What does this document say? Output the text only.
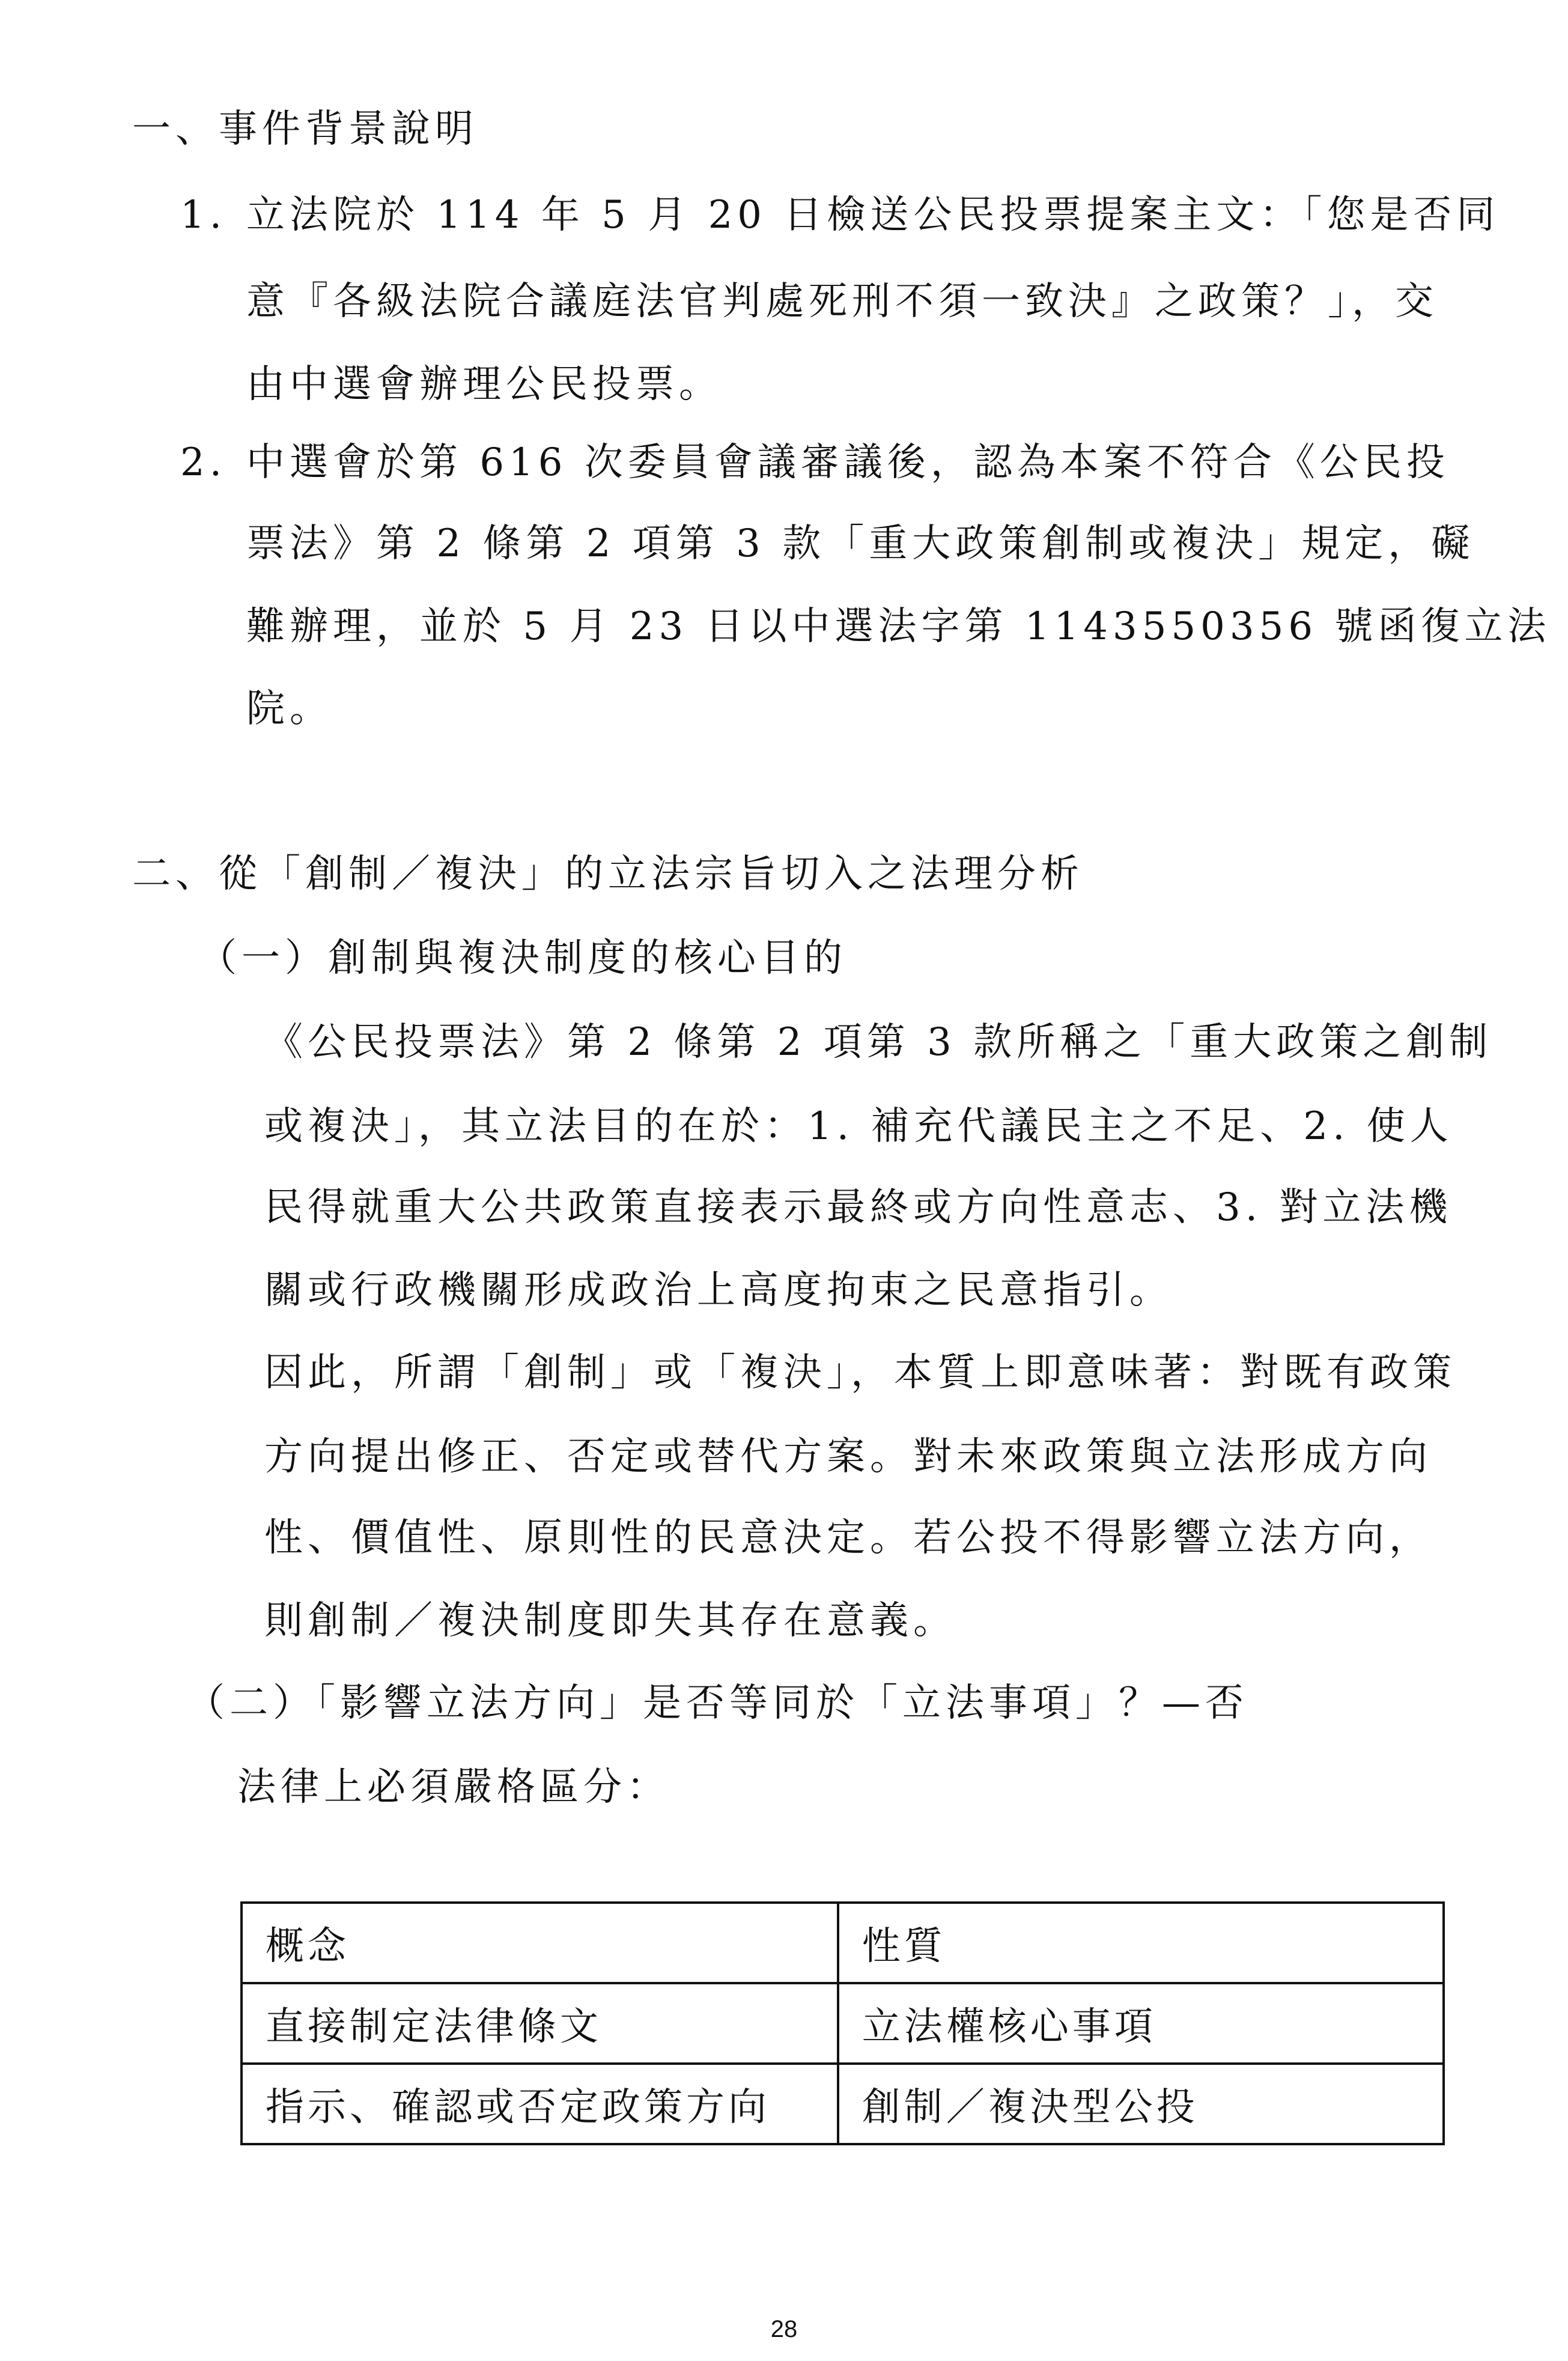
一、事件背景說明
1. 立法院於 114 年 5 月 20 日檢送公民投票提案主文：「您是否同
意『各級法院合議庭法官判處死刑不須一致決』之政策？」，交
由中選會辦理公民投票。
2. 中選會於第 616 次委員會議審議後，認為本案不符合《公民投
票法》第 2 條第 2 項第 3 款「重大政策創制或複決」規定，礙
難辦理，並於 5 月 23 日以中選法字第 1143550356 號函復立法
院。
二、從「創制／複決」的立法宗旨切入之法理分析
（一）創制與複決制度的核心目的
《公民投票法》第 2 條第 2 項第 3 款所稱之「重大政策之創制
或複決」，其立法目的在於：1. 補充代議民主之不足、2. 使人
民得就重大公共政策直接表示最終或方向性意志、3. 對立法機
關或行政機關形成政治上高度拘束之民意指引。
因此，所謂「創制」或「複決」，本質上即意味著：對既有政策
方向提出修正、否定或替代方案。對未來政策與立法形成方向
性、價值性、原則性的民意決定。若公投不得影響立法方向，
則創制／複決制度即失其存在意義。
（二）「影響立法方向」是否等同於「立法事項」？—否
法律上必須嚴格區分：
概念	性質
直接制定法律條文	立法權核心事項
指示、確認或否定政策方向	創制／複決型公投
28
